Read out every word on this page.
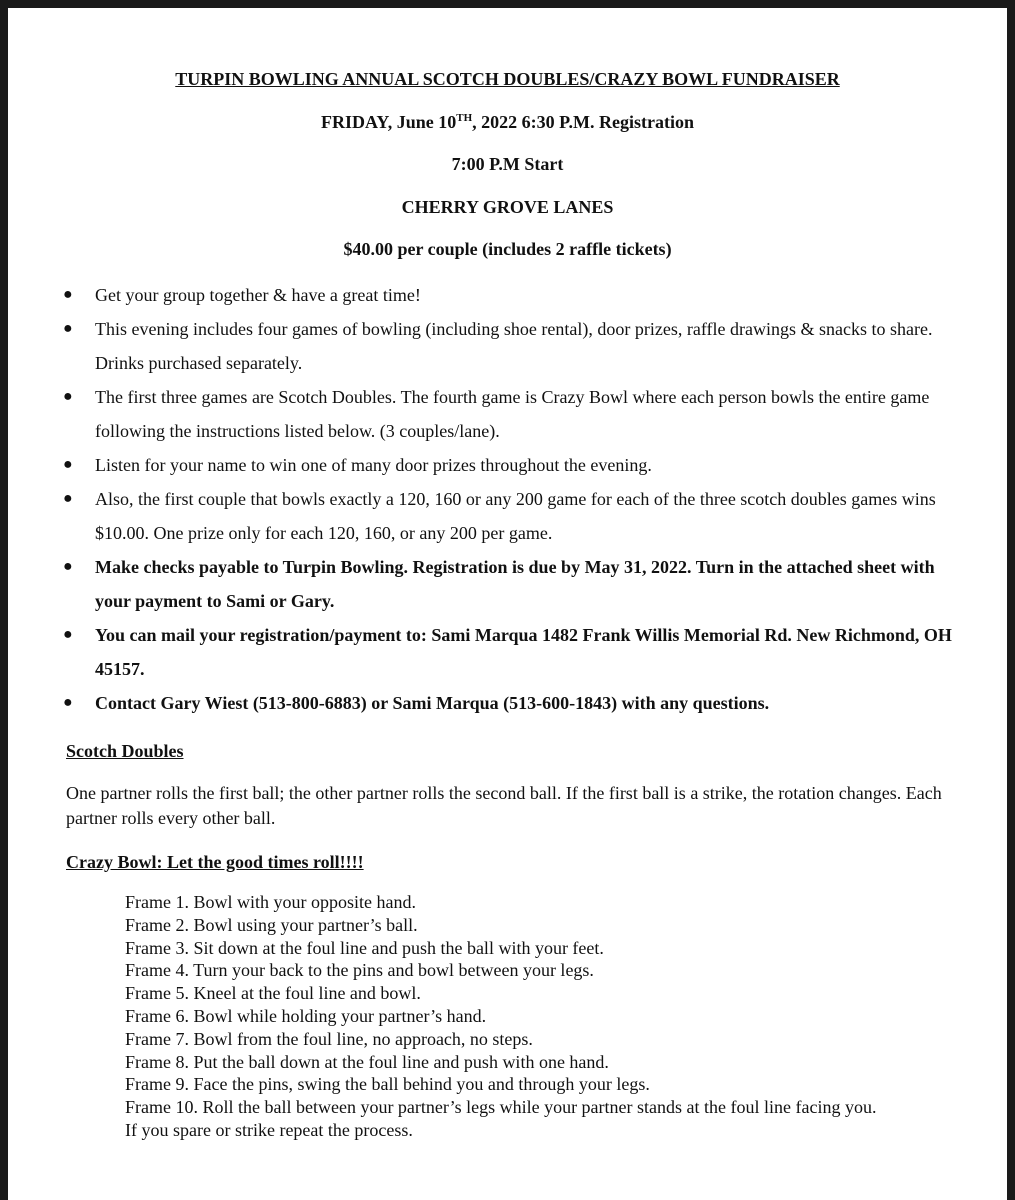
TURPIN BOWLING ANNUAL SCOTCH DOUBLES/CRAZY BOWL FUNDRAISER
FRIDAY, June 10TH, 2022 6:30 P.M. Registration
7:00 P.M Start
CHERRY GROVE LANES
$40.00 per couple (includes 2 raffle tickets)
● Get your group together & have a great time!
● This evening includes four games of bowling (including shoe rental), door prizes, raffle drawings & snacks to share. Drinks purchased separately.
● The first three games are Scotch Doubles. The fourth game is Crazy Bowl where each person bowls the entire game following the instructions listed below. (3 couples/lane).
● Listen for your name to win one of many door prizes throughout the evening.
● Also, the first couple that bowls exactly a 120, 160 or any 200 game for each of the three scotch doubles games wins $10.00. One prize only for each 120, 160, or any 200 per game.
● Make checks payable to Turpin Bowling. Registration is due by May 31, 2022. Turn in the attached sheet with your payment to Sami or Gary.
● You can mail your registration/payment to: Sami Marqua 1482 Frank Willis Memorial Rd. New Richmond, OH 45157.
● Contact Gary Wiest (513-800-6883) or Sami Marqua (513-600-1843) with any questions.
Scotch Doubles
One partner rolls the first ball; the other partner rolls the second ball. If the first ball is a strike, the rotation changes. Each partner rolls every other ball.
Crazy Bowl: Let the good times roll!!!!
Frame 1. Bowl with your opposite hand.
Frame 2. Bowl using your partner’s ball.
Frame 3. Sit down at the foul line and push the ball with your feet.
Frame 4. Turn your back to the pins and bowl between your legs.
Frame 5. Kneel at the foul line and bowl.
Frame 6. Bowl while holding your partner’s hand.
Frame 7. Bowl from the foul line, no approach, no steps.
Frame 8. Put the ball down at the foul line and push with one hand.
Frame 9. Face the pins, swing the ball behind you and through your legs.
Frame 10. Roll the ball between your partner’s legs while your partner stands at the foul line facing you.
If you spare or strike repeat the process.
